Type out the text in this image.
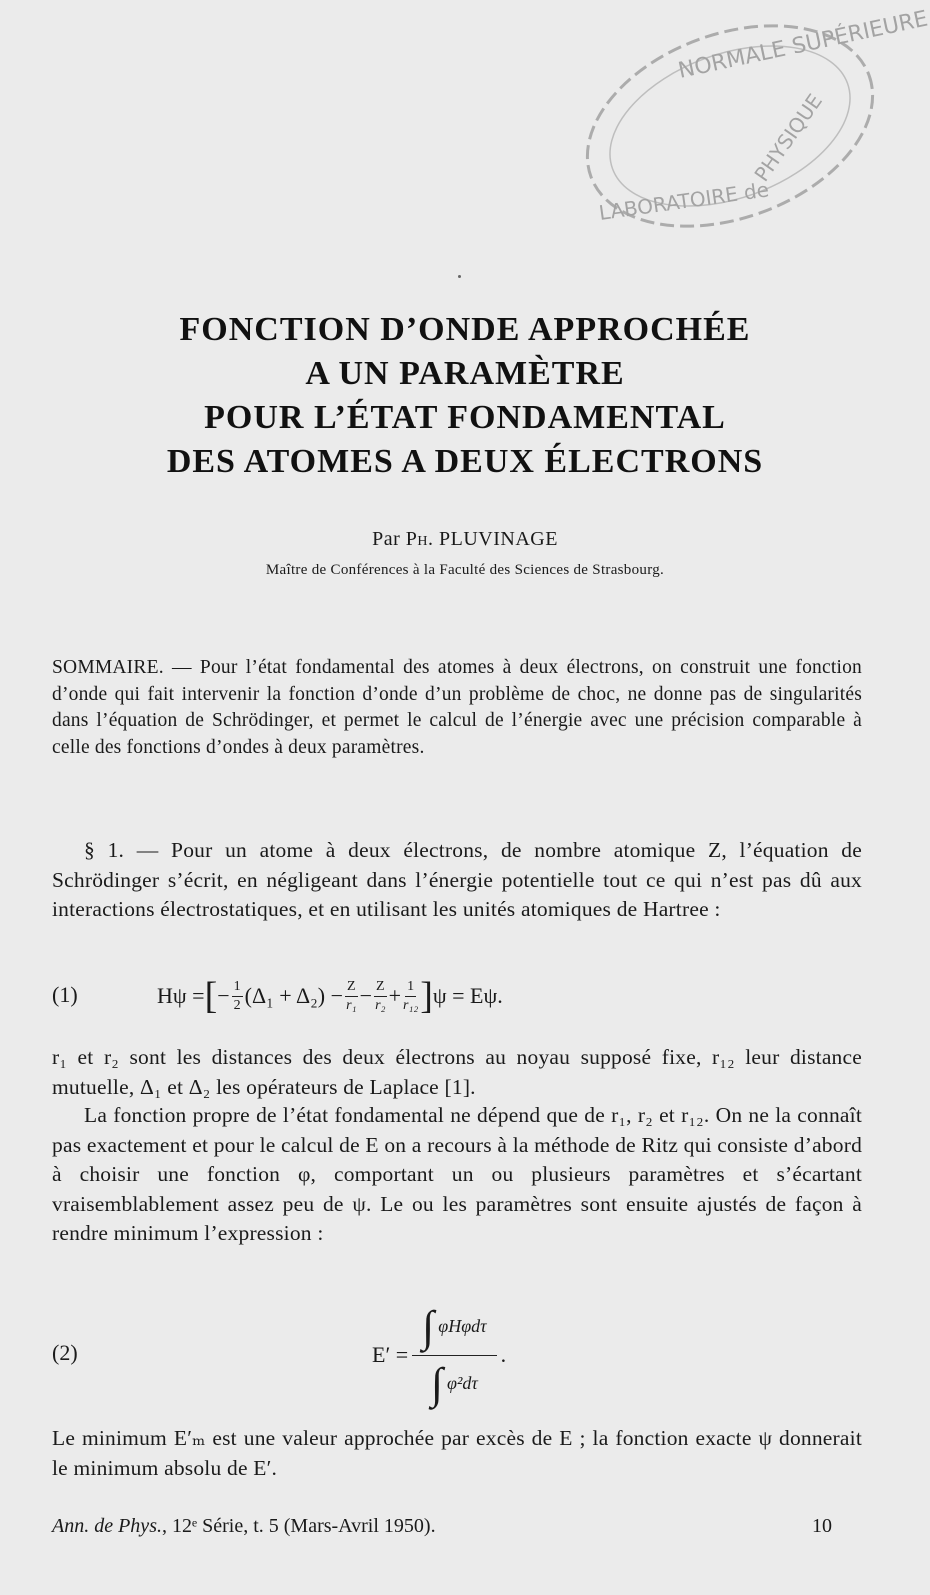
NORMALE SUPÉRIEURE
PHYSIQUE
LABORATOIRE de
FONCTION D’ONDE APPROCHÉE
A UN PARAMÈTRE
POUR L’ÉTAT FONDAMENTAL
DES ATOMES A DEUX ÉLECTRONS
Par Ph. PLUVINAGE
Maître de Conférences à la Faculté des Sciences de Strasbourg.
SOMMAIRE. — Pour l’état fondamental des atomes à deux électrons, on construit une fonction d’onde qui fait intervenir la fonction d’onde d’un problème de choc, ne donne pas de singularités dans l’équation de Schrödinger, et permet le calcul de l’énergie avec une précision comparable à celle des fonctions d’ondes à deux paramètres.
§ 1. — Pour un atome à deux électrons, de nombre atomique Z, l’équation de Schrödinger s’écrit, en négligeant dans l’énergie potentielle tout ce qui n’est pas dû aux interactions électrostatiques, et en utilisant les unités atomiques de Hartree :
(1)	Hψ = [ − $\frac{1}{2} (\Delta_1 + \Delta_2) - \frac{Z}{\text{r₁}} - \frac{Z}{\text{r₂}} + \frac{1}{\text{r₁₂}}$ ] ψ = Eψ.
r₁ et r₂ sont les distances des deux électrons au noyau supposé fixe, r₁₂ leur distance mutuelle, Δ₁ et Δ₂ les opérateurs de Laplace [1].
La fonction propre de l’état fondamental ne dépend que de r₁, r₂ et r₁₂. On ne la connaît pas exactement et pour le calcul de E on a recours à la méthode de Ritz qui consiste d’abord à choisir une fonction φ, comportant un ou plusieurs paramètres et s’écartant vraisemblablement assez peu de ψ. Le ou les paramètres sont ensuite ajustés de façon à rendre minimum l’expression :
(2)	$E' = \frac{\text{∫ φHφdτ}}{\text{∫ φ²dτ}}$ .
Le minimum E′ₘ est une valeur approchée par excès de E ; la fonction exacte ψ donnerait le minimum absolu de E′.
Ann. de Phys., 12ᵉ Série, t. 5 (Mars-Avril 1950).	10
